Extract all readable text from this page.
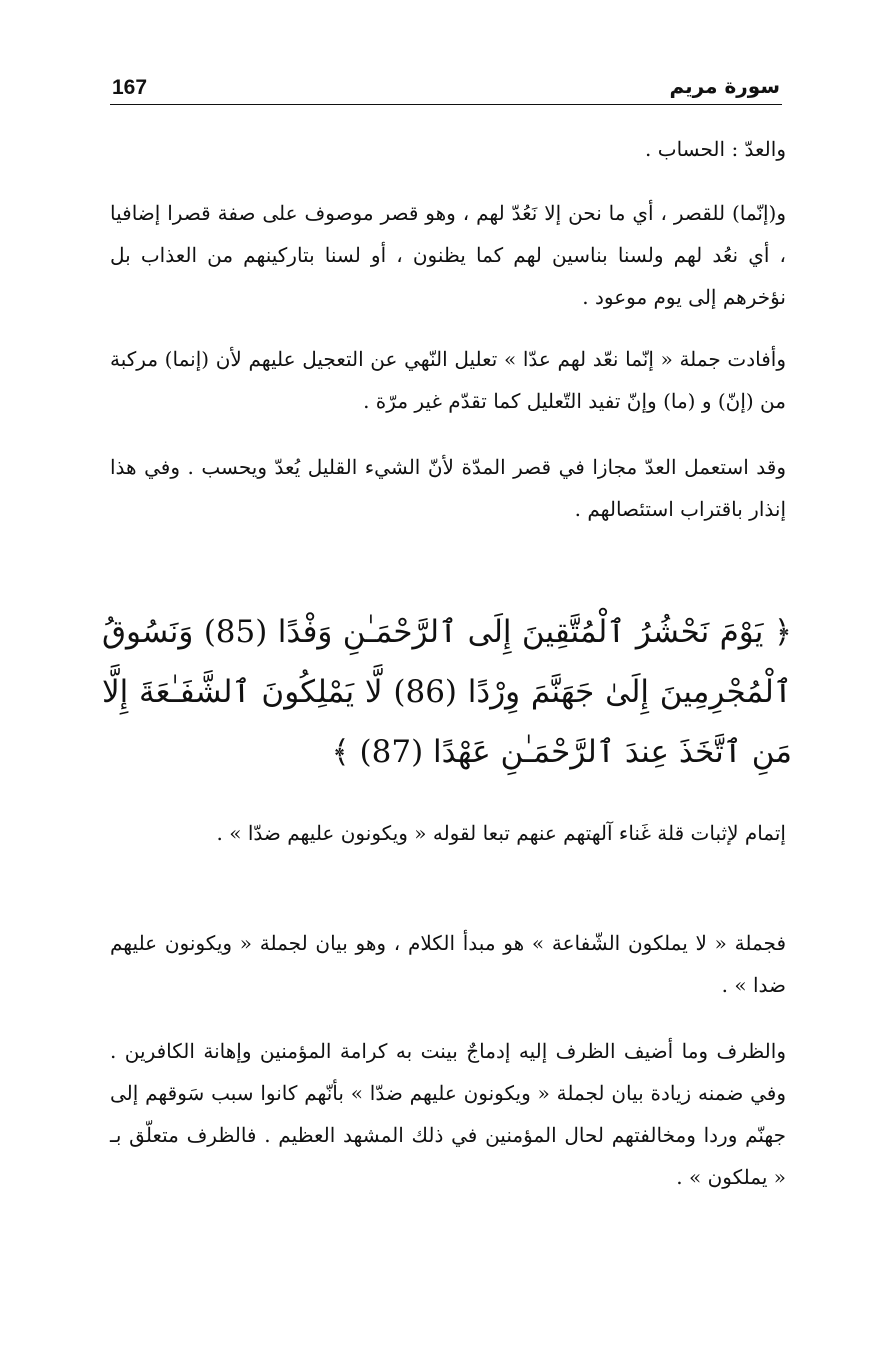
167	سورة مريم

والعدّ : الحساب .

و(إنّما) للقصر ، أي ما نحن إلا نَعُدّ لهم ، وهو قصر موصوف على صفة قصرا إضافيا ، أي نعُد لهم ولسنا بناسين لهم كما يظنون ، أو لسنا بتاركينهم من العذاب بل نؤخرهم إلى يوم موعود .

وأفادت جملة « إنّما نعّد لهم عدّا » تعليل النّهي عن التعجيل عليهم لأن (إنما) مركبة من (إنّ) و (ما) وإنّ تفيد التّعليل كما تقدّم غير مرّة .

وقد استعمل العدّ مجازا في قصر المدّة لأنّ الشيء القليل يُعدّ ويحسب . وفي هذا إنذار باقتراب استئصالهم .

﴿ يَوْمَ نَحْشُرُ ٱلْمُتَّقِينَ إِلَى ٱلرَّحْمَـٰنِ وَفْدًا (85) وَنَسُوقُ ٱلْمُجْرِمِينَ إِلَىٰ جَهَنَّمَ وِرْدًا (86) لَّا يَمْلِكُونَ ٱلشَّفَـٰعَةَ إِلَّا مَنِ ٱتَّخَذَ عِندَ ٱلرَّحْمَـٰنِ عَهْدًا (87) ﴾

إتمام لإثبات قلة غَناء آلهتهم عنهم تبعا لقوله « ويكونون عليهم ضدّا » .

فجملة « لا يملكون الشّفاعة » هو مبدأ الكلام ، وهو بيان لجملة « ويكونون عليهم ضدا » .

والظرف وما أضيف الظرف إليه إدماجٌ بينت به كرامة المؤمنين وإهانة الكافرين . وفي ضمنه زيادة بيان لجملة « ويكونون عليهم ضدّا » بأنّهم كانوا سبب سَوقهم إلى جهنّم وردا ومخالفتهم لحال المؤمنين في ذلك المشهد العظيم . فالظرف متعلّق بـ « يملكون » .
